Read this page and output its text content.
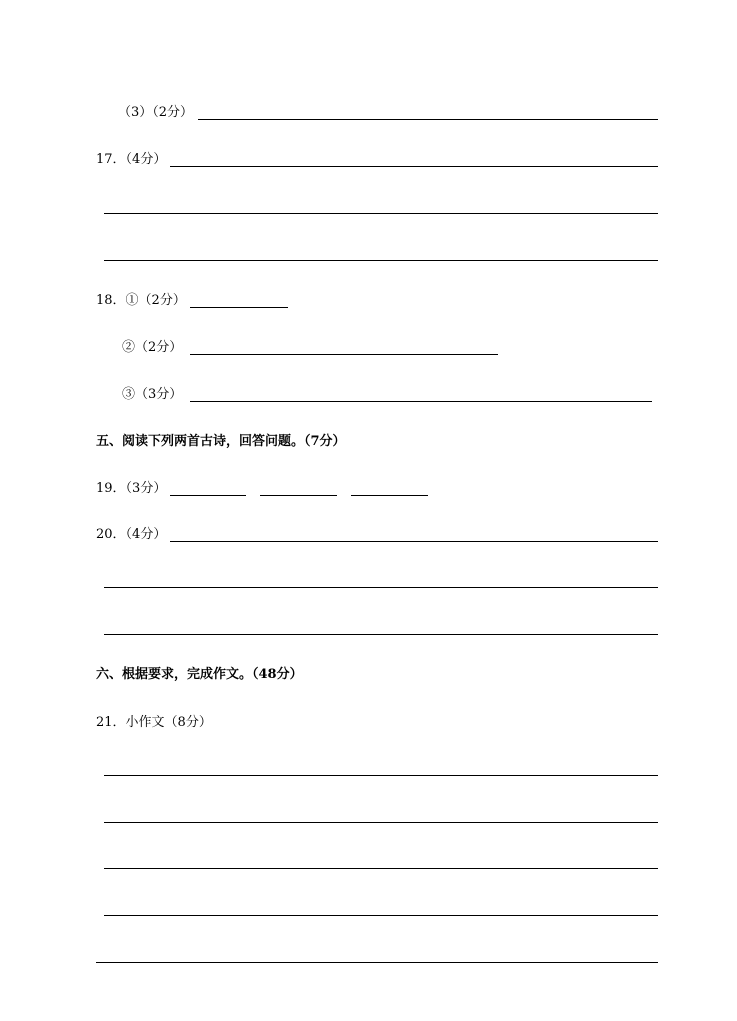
（3）（2分）
17．（4分）
18．①（2分）
②（2分）
③（3分）
五、阅读下列两首古诗，回答问题。（7分）
19．（3分）
20．（4分）
六、根据要求，完成作文。（48分）
21．小作文（8分）
